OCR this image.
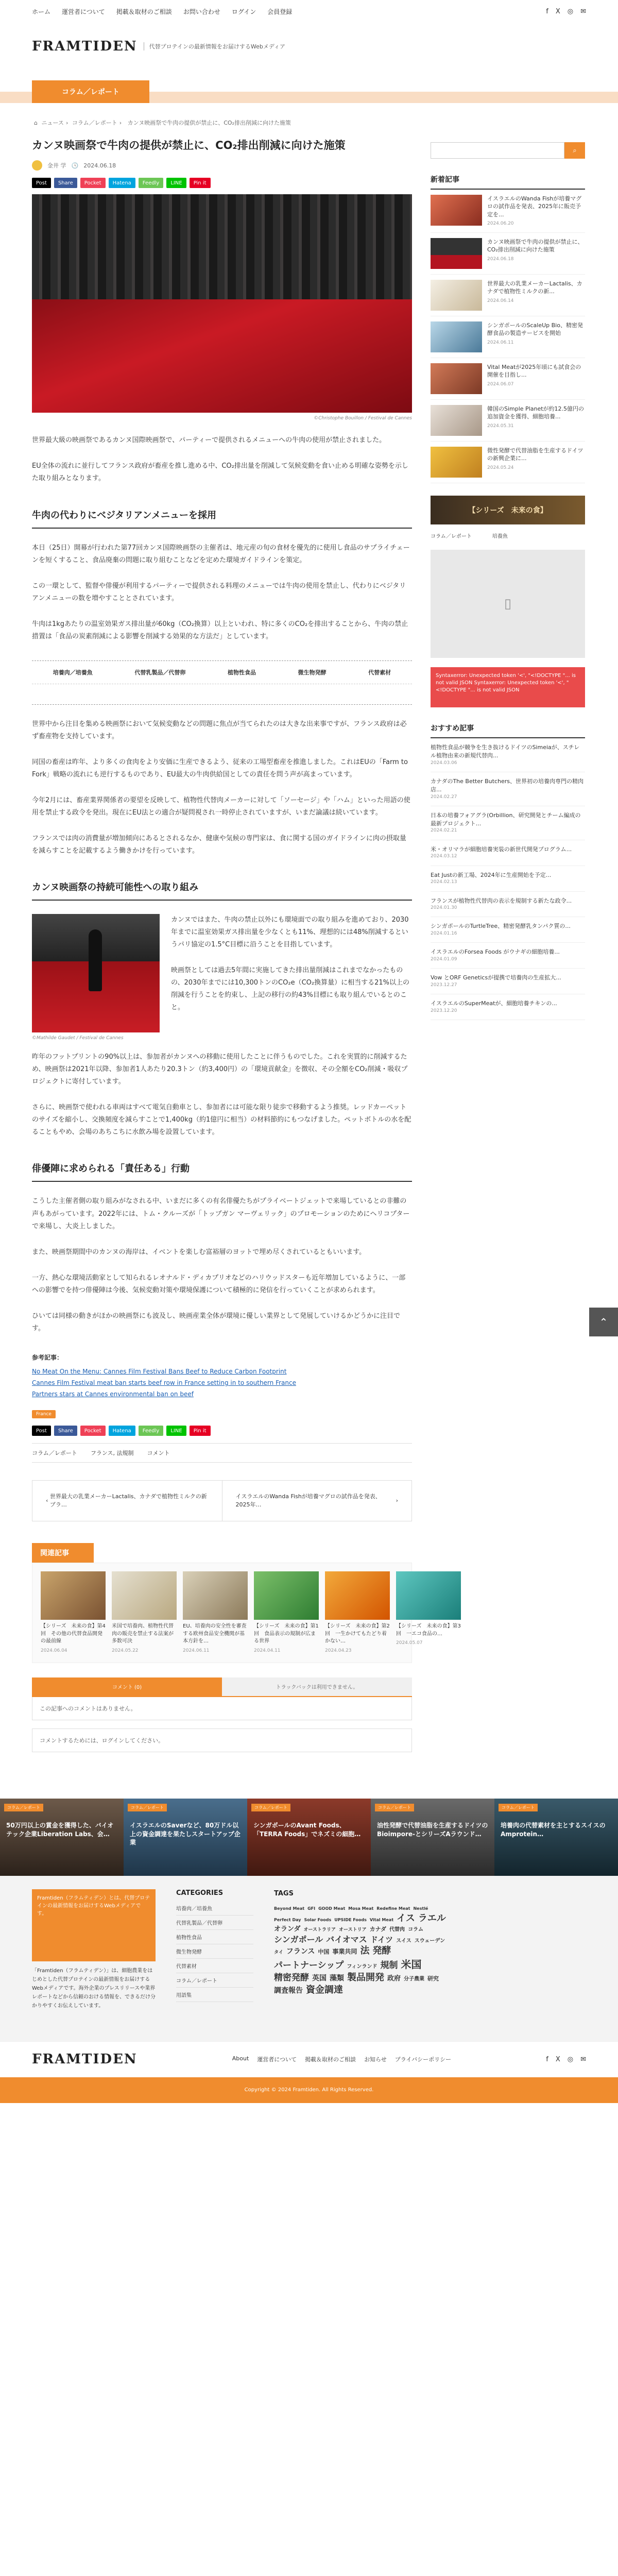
ホーム 運営者について 掲載＆取材のご相談 お問い合わせ ログイン 会員登録	f X ◎ ✉
FRAMTIDEN	代替プロテインの最新情報をお届けするWebメディア
コラム／レポート
⌂ ニュース › コラム／レポート › カンヌ映画祭で牛肉の提供が禁止に、CO₂排出削減に向けた施策
カンヌ映画祭で牛肉の提供が禁止に、CO₂排出削減に向けた施策
金井 学 🕓 2024.06.18
Post	Share	Pocket	Hatena	Feedly	LINE	Pin it
©Christophe Bouillon / Festival de Cannes

世界最大級の映画祭であるカンヌ国際映画祭で、パーティーで提供されるメニューへの牛肉の使用が禁止されました。

EU全体の流れに並行してフランス政府が畜産を推し進める中、CO₂排出量を削減して気候変動を食い止める明確な姿勢を示した取り組みとなります。

牛肉の代わりにベジタリアンメニューを採用

本日（25日）開幕が行われた第77回カンヌ国際映画祭の主催者は、地元産の旬の食材を優先的に使用し食品のサプライチェーンを短くすること、食品廃棄の問題に取り組むことなどを定めた環境ガイドラインを策定。

この一環として、監督や俳優が利用するパーティーで提供される料理のメニューでは牛肉の使用を禁止し、代わりにベジタリアンメニューの数を増やすこととされています。

牛肉は1kgあたりの温室効果ガス排出量が60kg（CO₂換算）以上といわれ、特に多くのCO₂を排出することから、牛肉の禁止措置は「食品の炭素削減による影響を削減する効果的な方法だ」としています。

培養肉／培養魚	代替乳製品／代替卵	植物性食品	微生物発酵	代替素材

世界中から注目を集める映画祭において気候変動などの問題に焦点が当てられたのは大きな出来事ですが、フランス政府は必ず畜産物を支持しています。

同国の畜産は昨年、より多くの食肉をより安価に生産できるよう、従来の工場型畜産を推進しました。これはEUの「Farm to Fork」戦略の流れにも逆行するものであり、EU最大の牛肉供給国としての責任を問う声が高まっています。

今年2月には、畜産業界関係者の要望を反映して、植物性代替肉メーカーに対して「ソーセージ」や「ハム」といった用語の使用を禁止する政令を発出。現在にEU法との適合が疑問視され一時停止されていますが、いまだ論議は続いています。

フランスでは肉の消費量が増加傾向にあるとされるなか、健康や気候の専門家は、食に関する国のガイドラインに肉の摂取量を減らすことを記載するよう働きかけを行っています。

カンヌ映画祭の持続可能性への取り組み
©Mathilde Gaudet / Festival de Cannes

カンヌではまた、牛肉の禁止以外にも環境面での取り組みを進めており、2030年までに温室効果ガス排出量を少なくとも11%、理想的には48%削減するというパリ協定の1.5°C目標に沿うことを目指しています。

映画祭としては過去5年間に実施してきた排出量削減はこれまでなかったものの、2030年までには10,300トンのCO₂e（CO₂換算量）に相当する21%以上の削減を行うことを約束し、上記の移行の約43%目標にも取り組んでいるとのこと。

昨年のフットプリントの90%以上は、参加者がカンヌへの移動に使用したことに伴うものでした。これを実質的に削減するため、映画祭は2021年以降、参加者1人あたり20.3トン（約3,400円）の「環境貢献金」を徴収、その全額をCO₂削減・吸収プロジェクトに寄付しています。

さらに、映画祭で使われる車両はすべて電気自動車とし、参加者には可能な限り徒歩で移動するよう推奨。レッドカーペットのサイズを縮小し、交換頻度を減らすことで1,400kg（約1億円に相当）の材料節約にもつなげました。ペットボトルの水を配ることもやめ、会場のあちこちに水飲み場を設置しています。

俳優陣に求められる「責任ある」行動

こうした主催者側の取り組みがなされる中、いまだに多くの有名俳優たちがプライベートジェットで来場しているとの非難の声もあがっています。2022年には、トム・クルーズが「トップガン マーヴェリック」のプロモーションのためにヘリコプターで来場し、大炎上しました。

また、映画祭期間中のカンヌの海岸は、イベントを楽しむ富裕層のヨットで埋め尽くされているともいいます。

一方、熱心な環境活動家として知られるレオナルド・ディカプリオなどのハリウッドスターも近年増加しているように、一部への影響でを持つ俳優陣は今後、気候変動対策や環境保護について積極的に発信を行っていくことが求められます。

ひいては同様の動きがほかの映画祭にも波及し、映画産業全体が環境に優しい業界として発展していけるかどうかに注目です。

参考記事：
No Meat On the Menu: Cannes Film Festival Bans Beef to Reduce Carbon Footprint
Cannes Film Festival meat ban starts beef row in France setting in to southern France
Partners stars at Cannes environmental ban on beef
France
Post	Share	Pocket	Hatena	Feedly	LINE	Pin it
コラム／レポート フランス, 法規制 コメント
‹
世界最大の乳業メーカーLactalis、カナダで植物性ミルクの新ブラ…
イスラエルのWanda Fishが培養マグロの試作品を発表、2025年…
›
関連記事
【シリーズ　未来の食】第4回　その他の代替食品開発の最前線
2024.06.04
米国で培養肉、植物性代替肉の販売を禁止する法案が多数可決
2024.05.22
EU、培養肉の安全性を審査する欧州食品安全機関が基本方針を…
2024.06.11
【シリーズ　未来の食】第1回　食品表示の規制が広まる世界
2024.04.11
【シリーズ　未来の食】第2回　一生かけてもたどり着かない…
2024.04.23
【シリーズ　未来の食】第3回　一エコ食品の…
2024.05.07
コメント (0)	トラックバックは利用できません。
この記事へのコメントはありません。
コメントするためには、ログインしてください。
⌕
新着記事
イスラエルのWanda Fishが培養マグロの試作品を発表、2025年に販売予定を...
2024.06.20
カンヌ映画祭で牛肉の提供が禁止に、CO₂排出削減に向けた施策
2024.06.18
世界最大の乳業メーカーLactalis、カナダで植物性ミルクの新...
2024.06.14
シンガポールのScaleUp Bio、精密発酵食品の製造サービスを開始
2024.06.11
Vital Meatが2025年頃にも試食会の開催を目指し...
2024.06.07
韓国のSimple Planetが約12.5億円の追加資金を獲得、細胞培養...
2024.05.31
微性発酵で代替油脂を生産するドイツの新興企業に...
2024.05.24
【シリーズ　未来の食】
コラム／レポート	培養魚
▯
Syntaxerror: Unexpected token '<', "<!DOCTYPE "... is not valid JSON Syntaxerror: Unexpected token '<', "<!DOCTYPE "... is not valid JSON
おすすめ記事
植物性食品が競争を生き抜けるドイツのSimeiaが、スチレル植物由来の新規代替肉...
2024.03.06
カナダのThe Better Butchers、世界初の培養肉専門の精肉店...
2024.02.27
日本の培養フォアグラ(Orbillion、研究開発とチーム編成の最新プロジェクト...
2024.02.21
米・オリマラが細胞培養実装の新世代開発プログラム...
2024.03.12
Eat Justの新工場、2024年に生産開始を予定...
2024.02.13
フランスが植物性代替肉の表示を規制する新たな政令...
2024.01.30
シンガポールのTurtleTree、精密発酵乳タンパク質の...
2024.01.16
イスラエルのForsea Foods がウナギの細胞培養...
2024.01.09
Vow とORF Geneticsが提携で培養肉の生産拡大...
2023.12.27
イスラエルのSuperMeatが、細胞培養チキンの...
2023.12.20
⌃
コラム／レポート
50万円以上の賞金を獲得した、バイオテック企業Liberation Labs、会…
コラム／レポート
イスラエルのSaverなど、80万ドル以上の資金調達を果たしスタートアップ企業
コラム／レポート
シンガポールのAvant Foods、「TERRA Foods」でネズミの細胞…
コラム／レポート
油性発酵で代替油脂を生産するドイツのBioimpore-とシリーズAラウンド…
コラム／レポート
培養肉の代替素材を主とするスイスのAmprotein…
Framtiden（フラムティデン）とは、代替プロテインの最新情報をお届けするWebメディアです。

「Framtiden（フラムティデン）」は、細胞農業をはじめとした代替プロテインの最新情報をお届けするWebメディアです。海外企業のプレスリリースや業界レポートなどから信頼のおける情報を、できるだけ分かりやすくお伝えしています。

CATEGORIES
培養肉／培養魚
代替乳製品／代替卵
植物性食品
微生物発酵
代替素材
コラム／レポート
用語集
TAGS
Beyond Meat GFI GOOD Meat Mosa Meat Redefine Meat NestléPerfect Day Solar Foods UPSIDE Foods Vital Meat イス ラエルオランダ オーストラリア オーストリア カナダ 代替肉 コラムシンガポール バイオマス ドイツ スイス スウェーデンタイ フランス 中国 事業共同 法 発酵パートナーシップ フィンランド 規制 米国精密発酵 英国 藻類 製品開発 政府 分子農業 研究調査報告 資金調達
FRAMTIDEN	About 運営者について 掲載＆取材のご相談 お知らせ プライバシーポリシー	f X ◎ ✉
Copyright © 2024 Framtiden. All Rights Reserved.
